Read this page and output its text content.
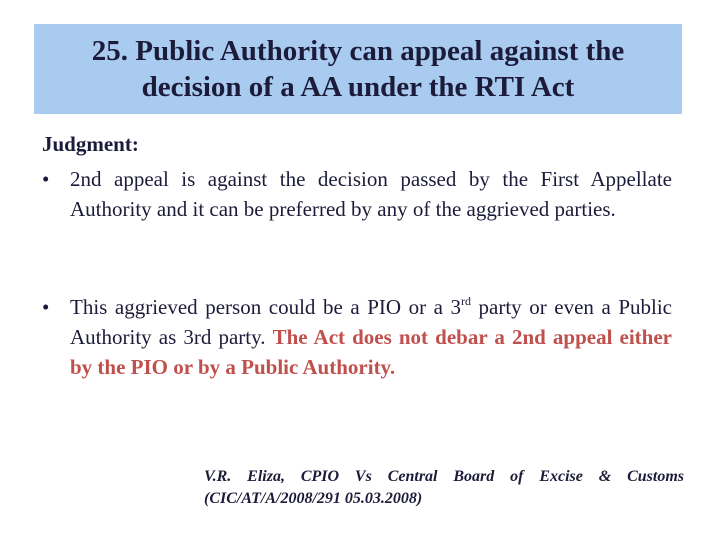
25. Public Authority can appeal against the
decision of a AA under the RTI Act
Judgment:
• 2nd appeal is against the decision passed by the First Appellate Authority and it can be preferred by any of the aggrieved parties.
• This aggrieved person could be a PIO or a 3rd party or even a Public Authority as 3rd party. The Act does not debar a 2nd appeal either by the PIO or by a Public Authority.
V.R. Eliza, CPIO Vs Central Board of Excise & Customs
(CIC/AT/A/2008/291 05.03.2008)
